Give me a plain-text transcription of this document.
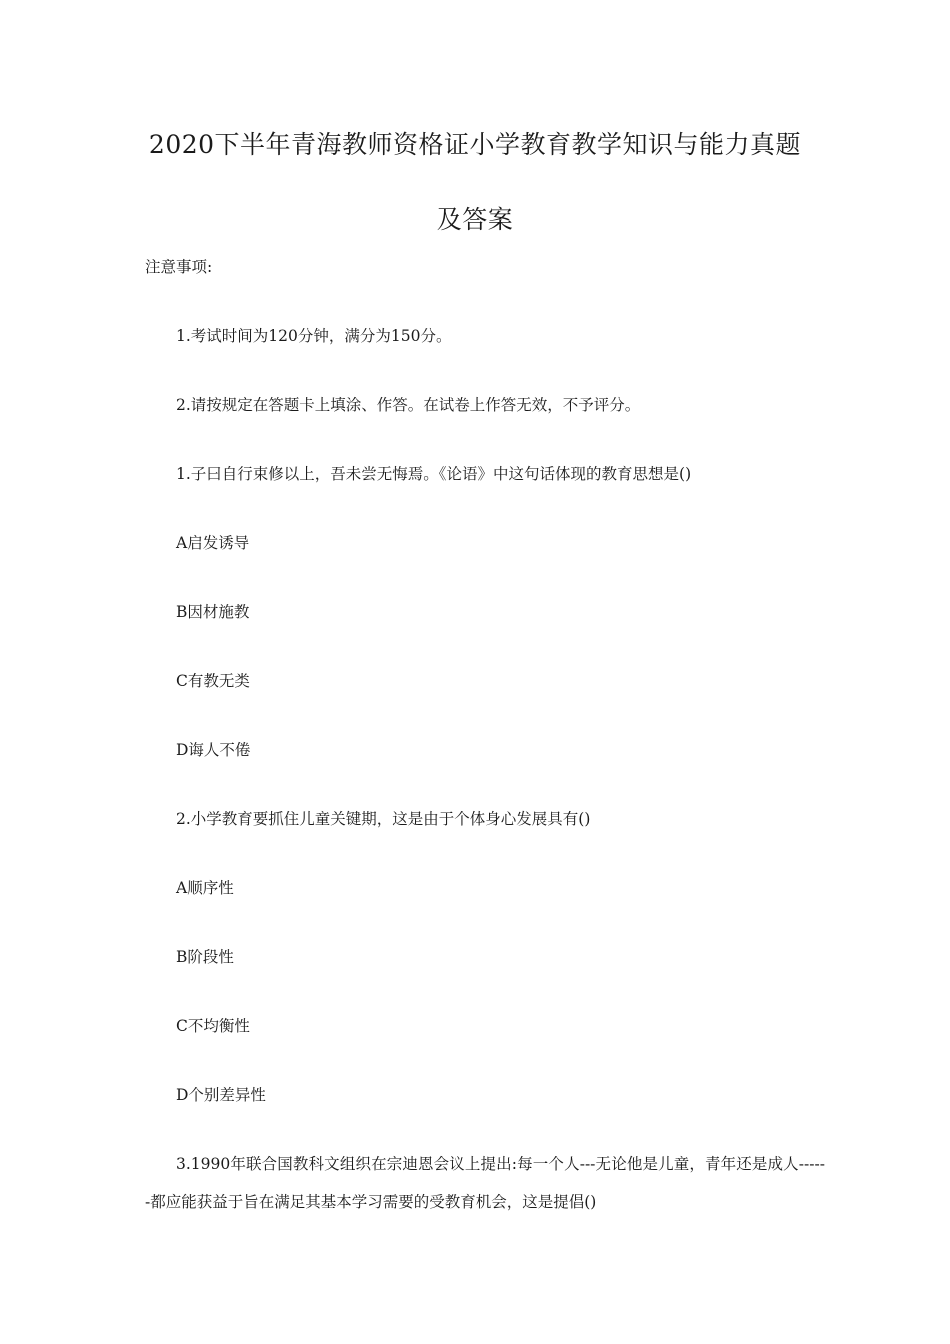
2020下半年青海教师资格证小学教育教学知识与能力真题
及答案
注意事项:
1.考试时间为120分钟，满分为150分。
2.请按规定在答题卡上填涂、作答。在试卷上作答无效，不予评分。
1.子曰自行束修以上，吾未尝无悔焉。《论语》中这句话体现的教育思想是()
A启发诱导
B因材施教
C有教无类
D诲人不倦
2.小学教育要抓住儿童关键期，这是由于个体身心发展具有()
A顺序性
B阶段性
C不均衡性
D个别差异性
3.1990年联合国教科文组织在宗迪恩会议上提出:每一个人---无论他是儿童，青年还是成人------都应能获益于旨在满足其基本学习需要的受教育机会，这是提倡()
